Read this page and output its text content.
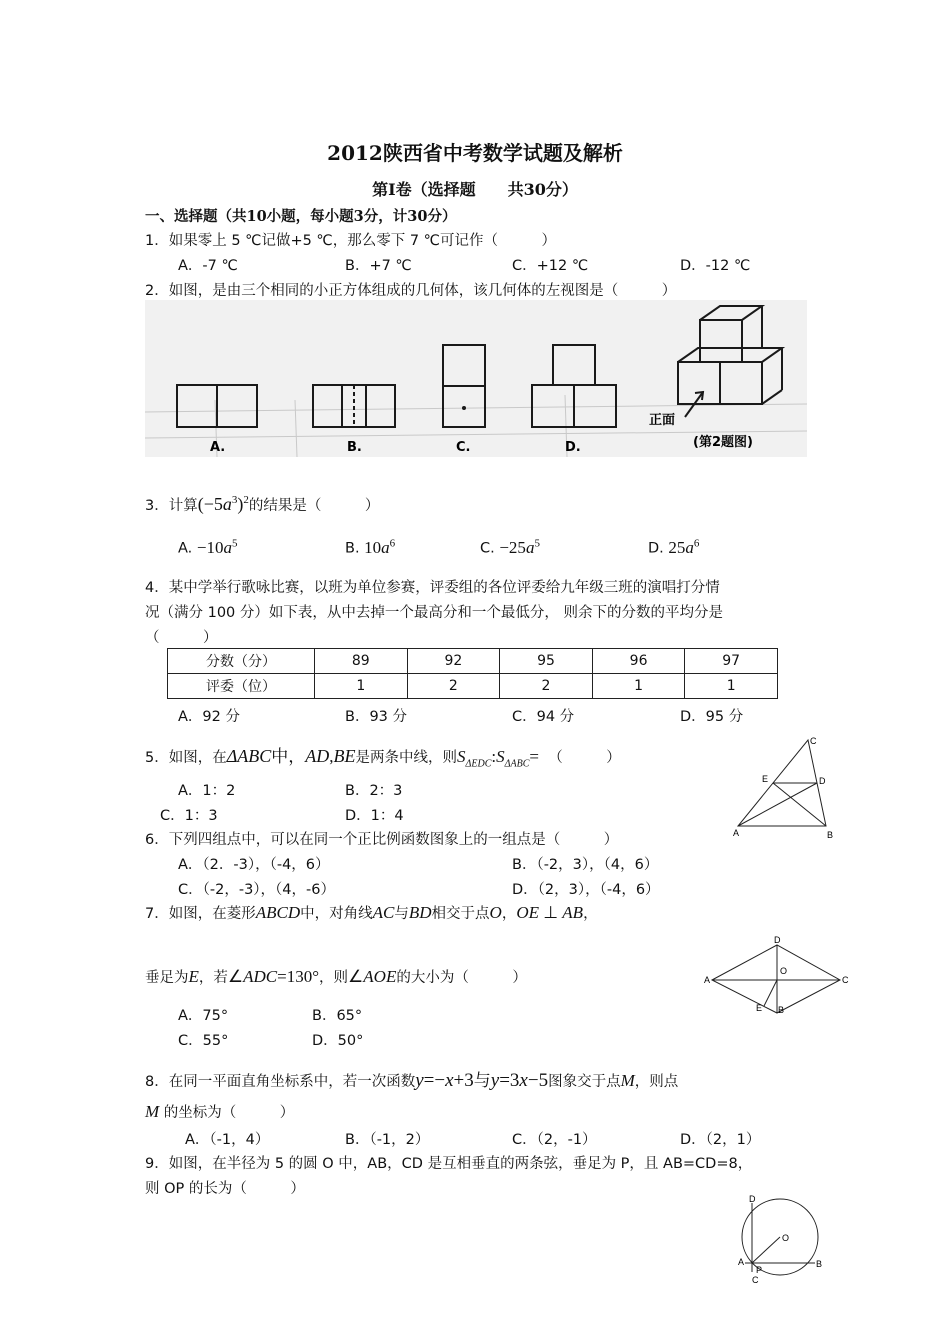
2012陕西省中考数学试题及解析
第Ⅰ卷（选择题　　共30分）
一、选择题（共10小题，每小题3分，计30分）
1．如果零上 5 ℃记做+5 ℃，那么零下 7 ℃可记作（　　　）
A．-7 ℃	B．+7 ℃	C．+12 ℃	D．-12 ℃
2．如图，是由三个相同的小正方体组成的几何体，该几何体的左视图是（　　　）
A.	B.	C.	D.
正面
(第2题图)
3．计算$(-5a^3)^2$的结果是（　　　）
A. $-10a^5$	B. $10a^6$	C. $-25a^5$	D. $25a^6$
4．某中学举行歌咏比赛，以班为单位参赛，评委组的各位评委给九年级三班的演唱打分情
况（满分 100 分）如下表，从中去掉一个最高分和一个最低分， 则余下的分数的平均分是
（　　　）
分数（分）	89	92	95	96	97
评委（位）	1	2	2	1	1
A．92 分	B．93 分	C．94 分	D．95 分
5．如图，在ΔABC中，AD,BE是两条中线，则$S_{\Delta EDC}:S_{\Delta ABC}=$ （　　　）
A．1：2	B．2：3
C．1：3	D．1：4
C
E	D
A	B
6．下列四组点中，可以在同一个正比例函数图象上的一组点是（　　　）
A．（2．-3），（-4，6）	B．（-2，3），（4，6）
C．（-2，-3），（4，-6）	D．（2，3），（-4，6）
7．如图，在菱形ABCD中，对角线AC与BD相交于点O，OE ⊥ AB，
垂足为E，若∠ADC=130°，则∠AOE的大小为（　　　）
A．75°	B．65°
C．55°	D．50°
D
A	C
O
E B
8．在同一平面直角坐标系中，若一次函数y=−x+3与y=3x−5图象交于点M，则点
M 的坐标为（　　　）
A．（-1，4）	B．（-1，2）	C．（2，-1）	D．（2，1）
9．如图，在半径为 5 的圆 O 中，AB，CD 是互相垂直的两条弦，垂足为 P，且 AB=CD=8，
则 OP 的长为（　　　）
D
O
A
P
C
B
